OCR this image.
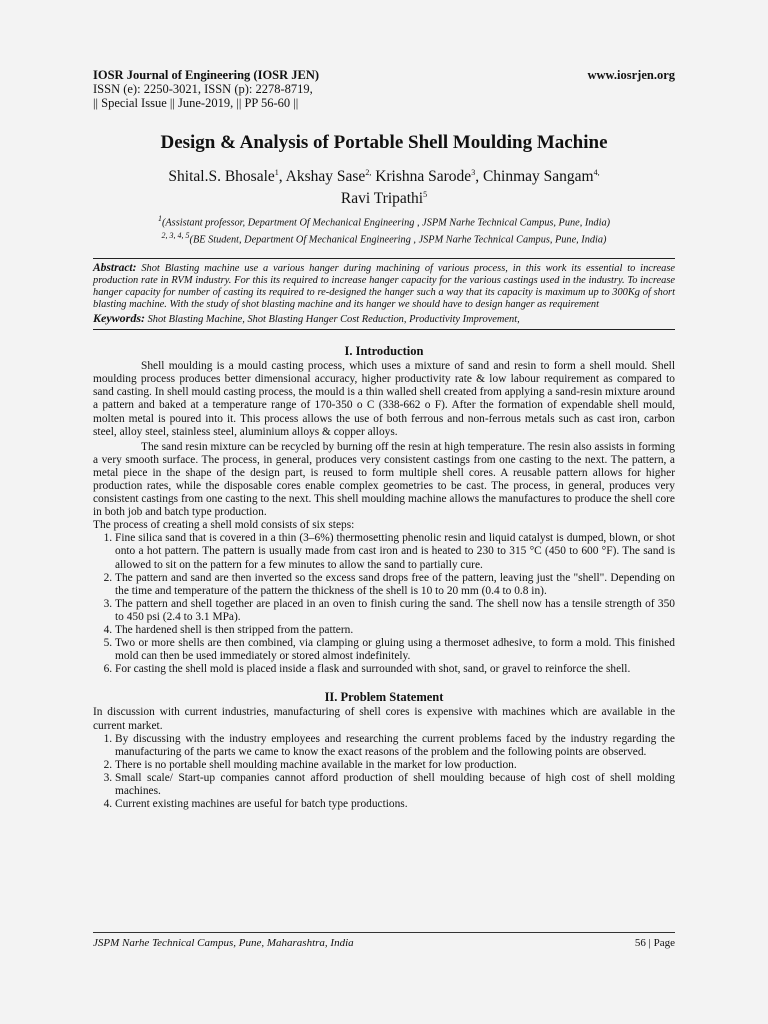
IOSR Journal of Engineering (IOSR JEN)	www.iosrjen.org
ISSN (e): 2250-3021, ISSN (p): 2278-8719,
|| Special Issue || June-2019, || PP 56-60 ||
Design & Analysis of Portable Shell Moulding Machine
Shital.S. Bhosale$^1$, Akshay Sase$^{2,}$ Krishna Sarode$^3$, Chinmay Sangam$^{4,}$
Ravi Tripathi$^5$
$^1$(Assistant professor, Department Of Mechanical Engineering , JSPM Narhe Technical Campus, Pune, India)
$^{2, 3, 4, 5}$(BE Student, Department Of Mechanical Engineering , JSPM Narhe Technical Campus, Pune, India)
Abstract: Shot Blasting machine use a various hanger during machining of various process, in this work its essential to increase production rate in RVM industry. For this its required to increase hanger capacity for the various castings used in the industry. To increase hanger capacity for number of casting its required to re-designed the hanger such a way that its capacity is maximum up to 300Kg of short blasting machine. With the study of shot blasting machine and its hanger we should have to design hanger as requirement
Keywords: Shot Blasting Machine, Shot Blasting Hanger Cost Reduction, Productivity Improvement,
I. Introduction

Shell moulding is a mould casting process, which uses a mixture of sand and resin to form a shell mould. Shell moulding process produces better dimensional accuracy, higher productivity rate & low labour requirement as compared to sand casting. In shell mould casting process, the mould is a thin walled shell created from applying a sand-resin mixture around a pattern and baked at a temperature range of 170-350 o C (338-662 o F). After the formation of expendable shell mould, molten metal is poured into it. This process allows the use of both ferrous and non-ferrous metals such as cast iron, carbon steel, alloy steel, stainless steel, aluminium alloys & copper alloys.

The sand resin mixture can be recycled by burning off the resin at high temperature. The resin also assists in forming a very smooth surface. The process, in general, produces very consistent castings from one casting to the next. The pattern, a metal piece in the shape of the design part, is reused to form multiple shell cores. A reusable pattern allows for higher production rates, while the disposable cores enable complex geometries to be cast. The process, in general, produces very consistent castings from one casting to the next. This shell moulding machine allows the manufactures to produce the shell core in both job and batch type production.

The process of creating a shell mold consists of six steps:

1. Fine silica sand that is covered in a thin (3–6%) thermosetting phenolic resin and liquid catalyst is dumped, blown, or shot onto a hot pattern. The pattern is usually made from cast iron and is heated to 230 to 315 °C (450 to 600 °F). The sand is allowed to sit on the pattern for a few minutes to allow the sand to partially cure.
2. The pattern and sand are then inverted so the excess sand drops free of the pattern, leaving just the "shell". Depending on the time and temperature of the pattern the thickness of the shell is 10 to 20 mm (0.4 to 0.8 in).
3. The pattern and shell together are placed in an oven to finish curing the sand. The shell now has a tensile strength of 350 to 450 psi (2.4 to 3.1 MPa).
4. The hardened shell is then stripped from the pattern.
5. Two or more shells are then combined, via clamping or gluing using a thermoset adhesive, to form a mold. This finished mold can then be used immediately or stored almost indefinitely.
6. For casting the shell mold is placed inside a flask and surrounded with shot, sand, or gravel to reinforce the shell.
II. Problem Statement

In discussion with current industries, manufacturing of shell cores is expensive with machines which are available in the current market.

1. By discussing with the industry employees and researching the current problems faced by the industry regarding the manufacturing of the parts we came to know the exact reasons of the problem and the following points are observed.
2. There is no portable shell moulding machine available in the market for low production.
3. Small scale/ Start-up companies cannot afford production of shell moulding because of high cost of shell molding machines.
4. Current existing machines are useful for batch type productions.
JSPM Narhe Technical Campus, Pune, Maharashtra, India	56 | Page
